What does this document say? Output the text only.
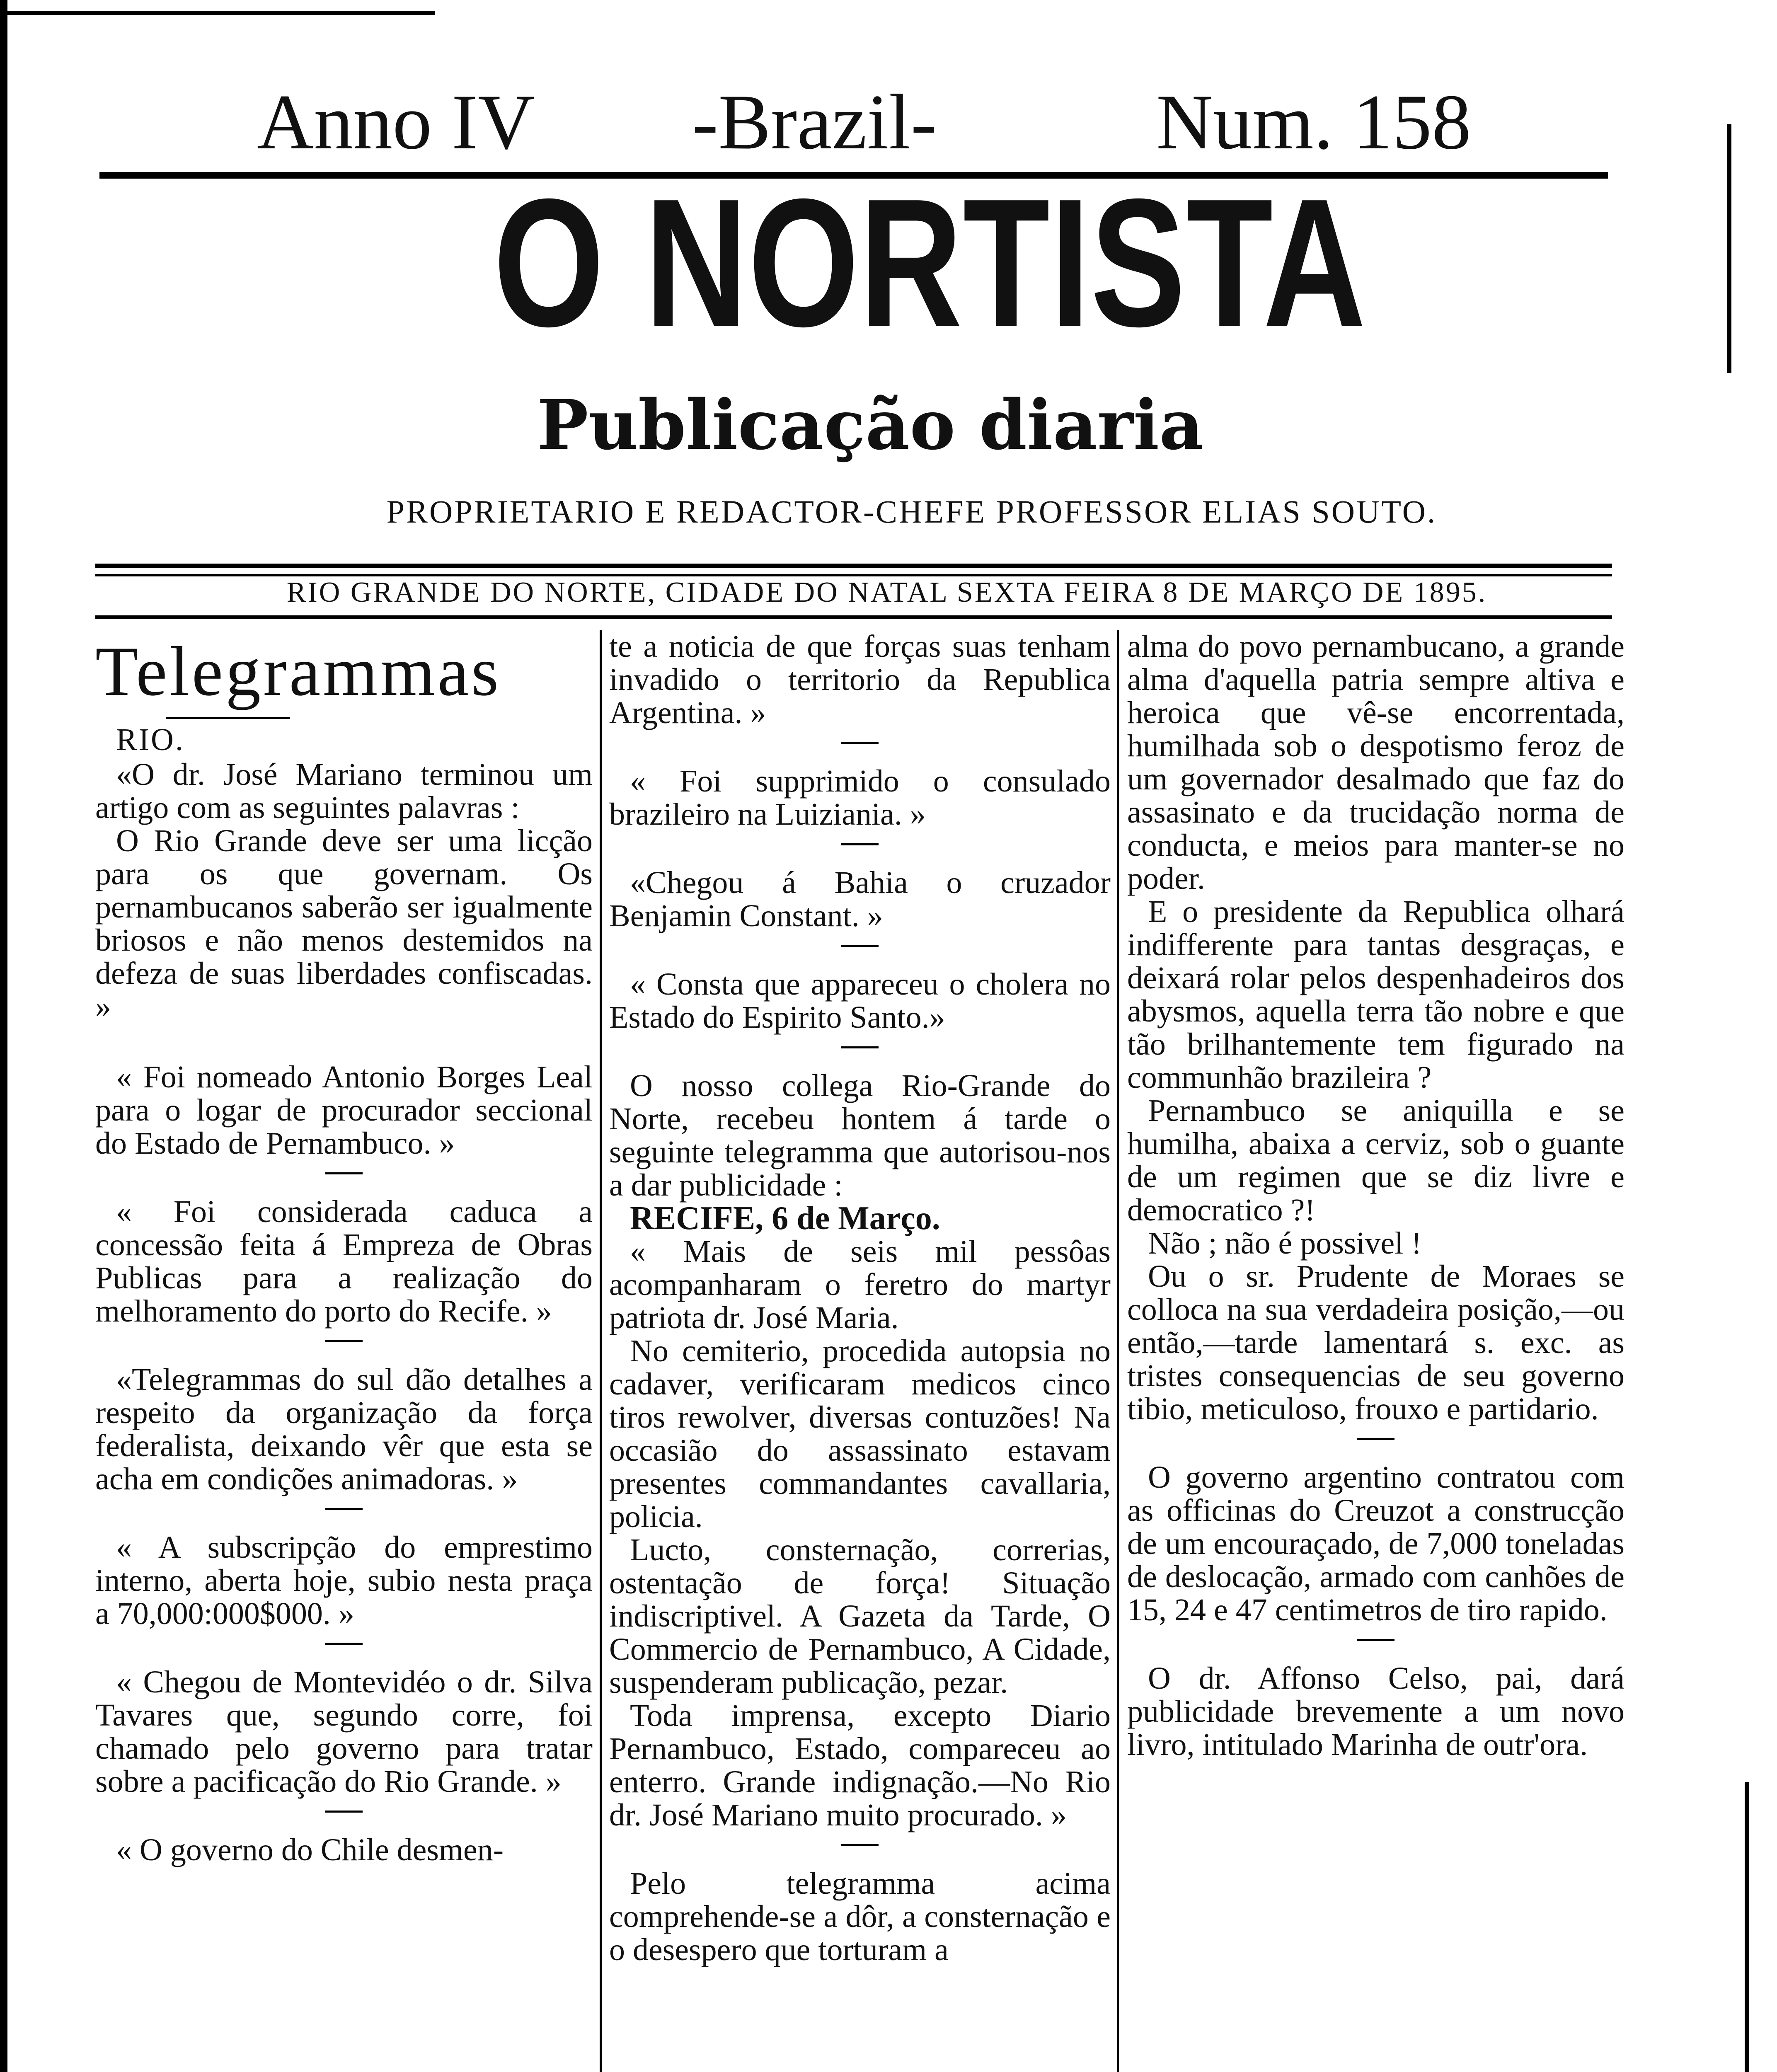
Anno IV -Brazil-	Num. 158
O NORTISTA
Publicação diaria
PROPRIETARIO E REDACTOR-CHEFE PROFESSOR ELIAS SOUTO.
RIO GRANDE DO NORTE, CIDADE DO NATAL SEXTA FEIRA 8 DE MARÇO DE 1895.

Telegrammas

RIO.

«O dr. José Mariano terminou um artigo com as seguintes palavras :

O Rio Grande deve ser uma licção para os que governam. Os pernambucanos saberão ser igualmente briosos e não menos destemidos na defeza de suas liberdades confiscadas. »

« Foi nomeado Antonio Borges Leal para o logar de procurador seccional do Estado de Pernambuco. »

« Foi considerada caduca a concessão feita á Empreza de Obras Publicas para a realização do melhoramento do porto do Recife. »

«Telegrammas do sul dão detalhes a respeito da organização da força federalista, deixando vêr que esta se acha em condições animadoras. »

« A subscripção do emprestimo interno, aberta hoje, subio nesta praça a 70,000:000$000. »

« Chegou de Montevidéo o dr. Silva Tavares que, segundo corre, foi chamado pelo governo para tratar sobre a pacificação do Rio Grande. »

« O governo do Chile desmen-

te a noticia de que forças suas tenham invadido o territorio da Republica Argentina. »

« Foi supprimido o consulado brazileiro na Luiziania. »

«Chegou á Bahia o cruzador Benjamin Constant. »

« Consta que appareceu o cholera no Estado do Espirito Santo.»

O nosso collega Rio-Grande do Norte, recebeu hontem á tarde o seguinte telegramma que autorisou-nos a dar publicidade :

RECIFE, 6 de Março.

« Mais de seis mil pessôas acompanharam o feretro do martyr patriota dr. José Maria.

No cemiterio, procedida autopsia no cadaver, verificaram medicos cinco tiros rewolver, diversas contuzões! Na occasião do assassinato estavam presentes commandantes cavallaria, policia.

Lucto, consternação, correrias, ostentação de força! Situação indiscriptivel. A Gazeta da Tarde, O Commercio de Pernambuco, A Cidade, suspenderam publicação, pezar.

Toda imprensa, excepto Diario Pernambuco, Estado, compareceu ao enterro. Grande indignação.—No Rio dr. José Mariano muito procurado. »

Pelo telegramma acima comprehende-se a dôr, a consternação e o desespero que torturam a

alma do povo pernambucano, a grande alma d'aquella patria sempre altiva e heroica que vê-se encorrentada, humilhada sob o despotismo feroz de um governador desalmado que faz do assasinato e da trucidação norma de conducta, e meios para manter-se no poder.

E o presidente da Republica olhará indifferente para tantas desgraças, e deixará rolar pelos despenhadeiros dos abysmos, aquella terra tão nobre e que tão brilhantemente tem figurado na communhão brazileira ?

Pernambuco se aniquilla e se humilha, abaixa a cerviz, sob o guante de um regimen que se diz livre e democratico ?!

Não ; não é possivel !

Ou o sr. Prudente de Moraes se colloca na sua verdadeira posição,—ou então,—tarde lamentará s. exc. as tristes consequencias de seu governo tibio, meticuloso, frouxo e partidario.

O governo argentino contratou com as officinas do Creuzot a construcção de um encouraçado, de 7,000 toneladas de deslocação, armado com canhões de 15, 24 e 47 centimetros de tiro rapido.

O dr. Affonso Celso, pai, dará publicidade brevemente a um novo livro, intitulado Marinha de outr'ora.
